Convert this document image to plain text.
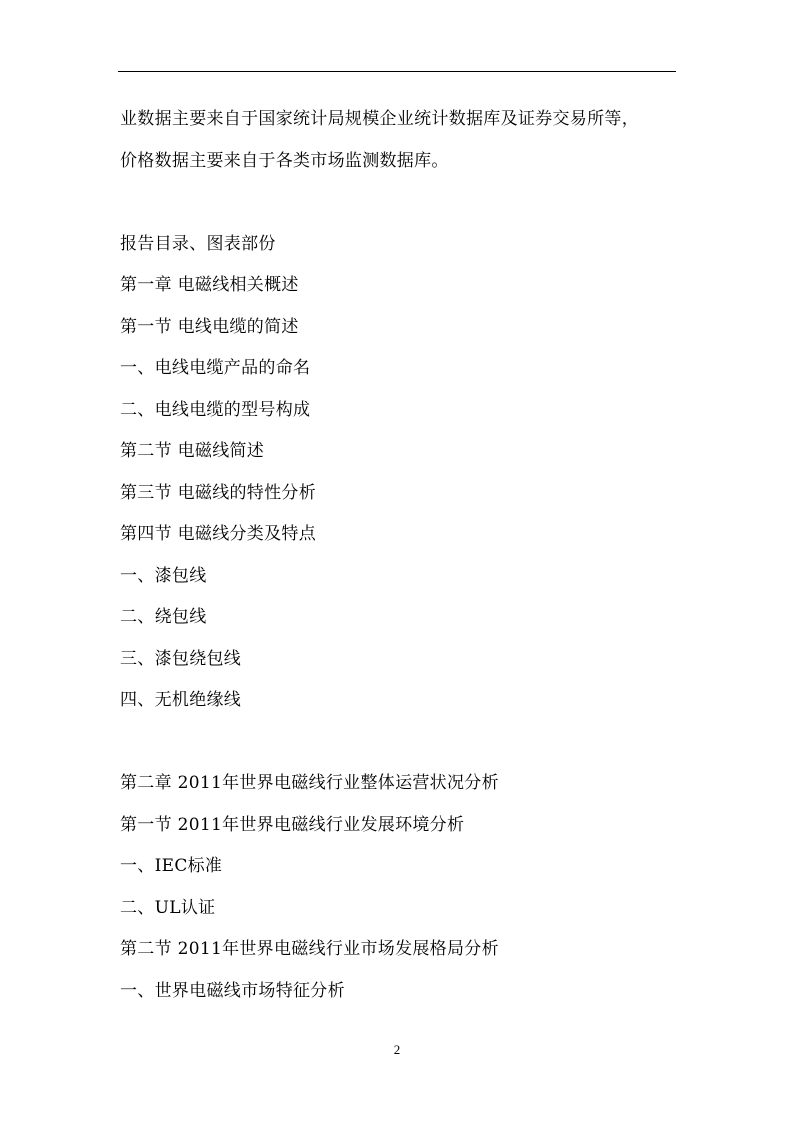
业数据主要来自于国家统计局规模企业统计数据库及证券交易所等，
价格数据主要来自于各类市场监测数据库。
报告目录、图表部份
第一章 电磁线相关概述
第一节 电线电缆的简述
一、电线电缆产品的命名
二、电线电缆的型号构成
第二节 电磁线简述
第三节 电磁线的特性分析
第四节 电磁线分类及特点
一、漆包线
二、绕包线
三、漆包绕包线
四、无机绝缘线
第二章 2011年世界电磁线行业整体运营状况分析
第一节 2011年世界电磁线行业发展环境分析
一、IEC标准
二、UL认证
第二节 2011年世界电磁线行业市场发展格局分析
一、世界电磁线市场特征分析
2
